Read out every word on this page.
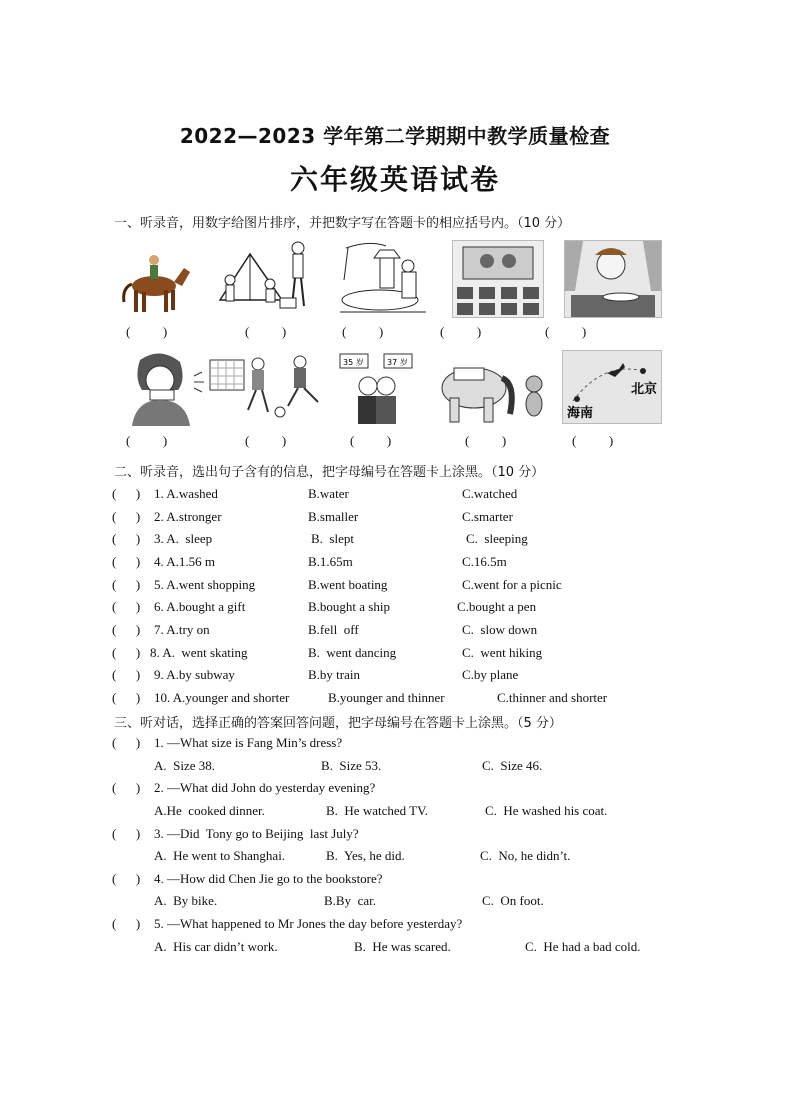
2022—2023 学年第二学期期中教学质量检查
六年级英语试卷
一、听录音，用数字给图片排序，并把数字写在答题卡的相应括号内。（10 分）
(          )	(          )	(          )	(          )	(          )
35 岁	37 岁
北京
海南
(          )	(          )	(          )	(          )	(          )
二、听录音，选出句子含有的信息，把字母编号在答题卡上涂黑。（10 分）
(      ) 1. A.washed	B.water	C.watched
(      ) 2. A.stronger	B.smaller	C.smarter
(      ) 3. A.  sleep	B.  slept	C.  sleeping
(      ) 4. A.1.56 m	B.1.65m	C.16.5m
(      ) 5. A.went shopping	B.went boating	C.went for a picnic
(      ) 6. A.bought a gift	B.bought a ship	C.bought a pen
(      ) 7. A.try on	B.fell  off	C.  slow down
(      ) 8. A.  went skating	B.  went dancing	C.  went hiking
(      ) 9. A.by subway	B.by train	C.by plane
(      ) 10. A.younger and shorter	B.younger and thinner	C.thinner and shorter
三、听对话，选择正确的答案回答问题，把字母编号在答题卡上涂黑。（5 分）
(      ) 1. —What size is Fang Min’s dress?
A.  Size 38.	B.  Size 53.	C.  Size 46.
(      ) 2. —What did John do yesterday evening?
A.He  cooked dinner.	B.  He watched TV.	C.  He washed his coat.
(      ) 3. —Did  Tony go to Beijing  last July?
A.  He went to Shanghai.	B.  Yes, he did.	C.  No, he didn’t.
(      ) 4. —How did Chen Jie go to the bookstore?
A.  By bike.	B.By  car.	C.  On foot.
(      ) 5. —What happened to Mr Jones the day before yesterday?
A.  His car didn’t work.	B.  He was scared.	C.  He had a bad cold.
